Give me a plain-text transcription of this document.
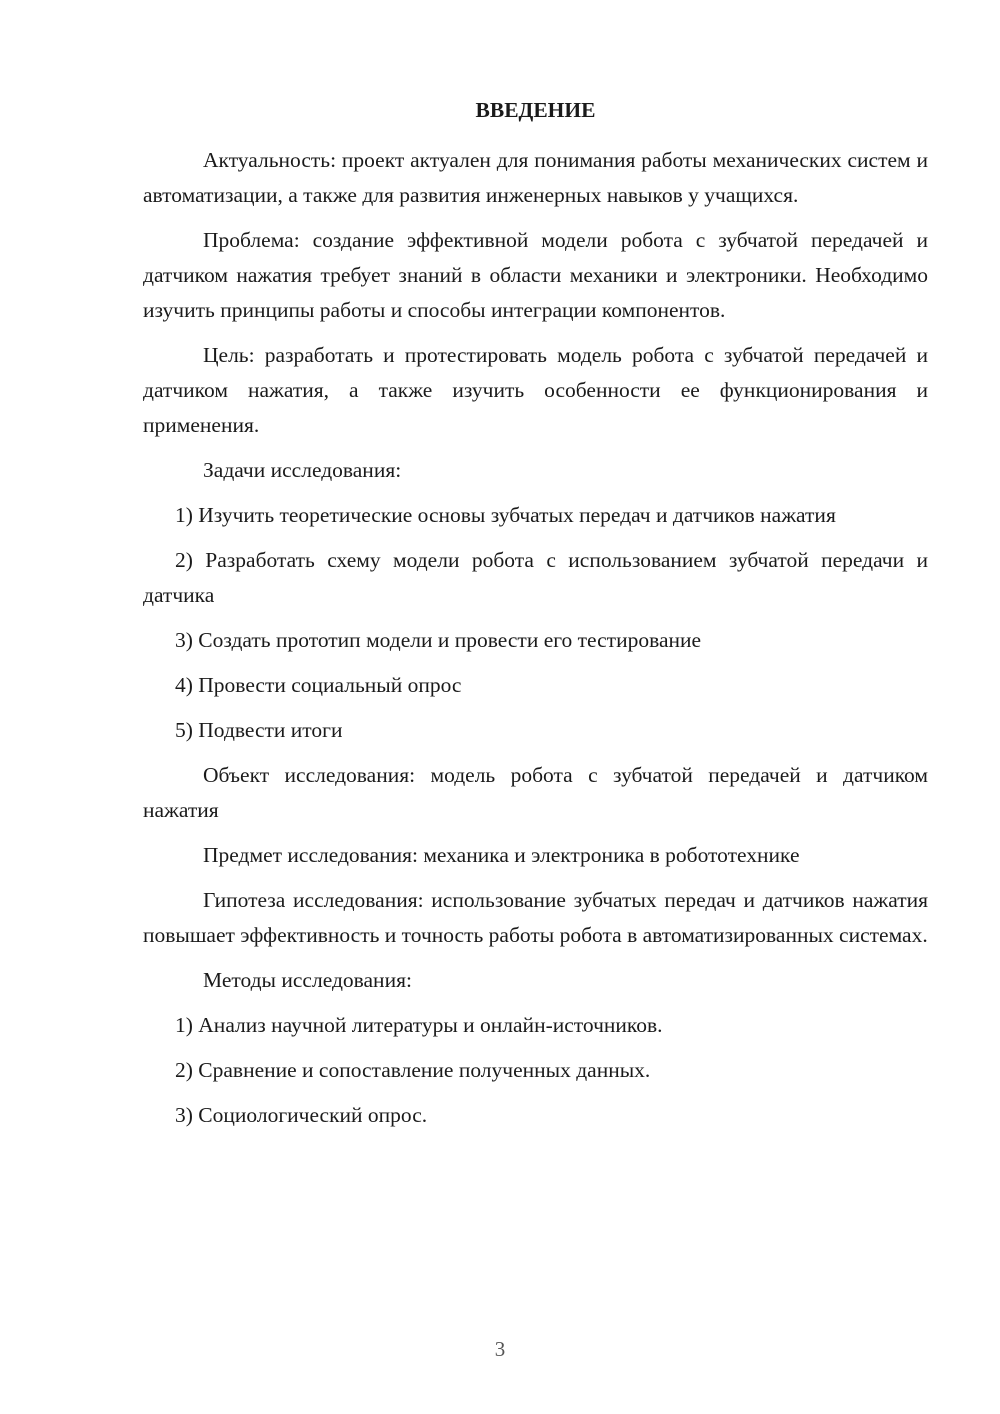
ВВЕДЕНИЕ

Актуальность: проект актуален для понимания работы механических систем и автоматизации, а также для развития инженерных навыков у учащихся.

Проблема: создание эффективной модели робота с зубчатой передачей и датчиком нажатия требует знаний в области механики и электроники. Необходимо изучить принципы работы и способы интеграции компонентов.

Цель: разработать и протестировать модель робота с зубчатой передачей и датчиком нажатия, а также изучить особенности ее функционирования и применения.

Задачи исследования:

1) Изучить теоретические основы зубчатых передач и датчиков нажатия

2) Разработать схему модели робота с использованием зубчатой передачи и датчика

3) Создать прототип модели и провести его тестирование

4) Провести социальный опрос

5) Подвести итоги

Объект исследования: модель робота с зубчатой передачей и датчиком нажатия

Предмет исследования: механика и электроника в робототехнике

Гипотеза исследования: использование зубчатых передач и датчиков нажатия повышает эффективность и точность работы робота в автоматизированных системах.

Методы исследования:

1) Анализ научной литературы и онлайн-источников.

2) Сравнение и сопоставление полученных данных.

3) Социологический опрос.

3
